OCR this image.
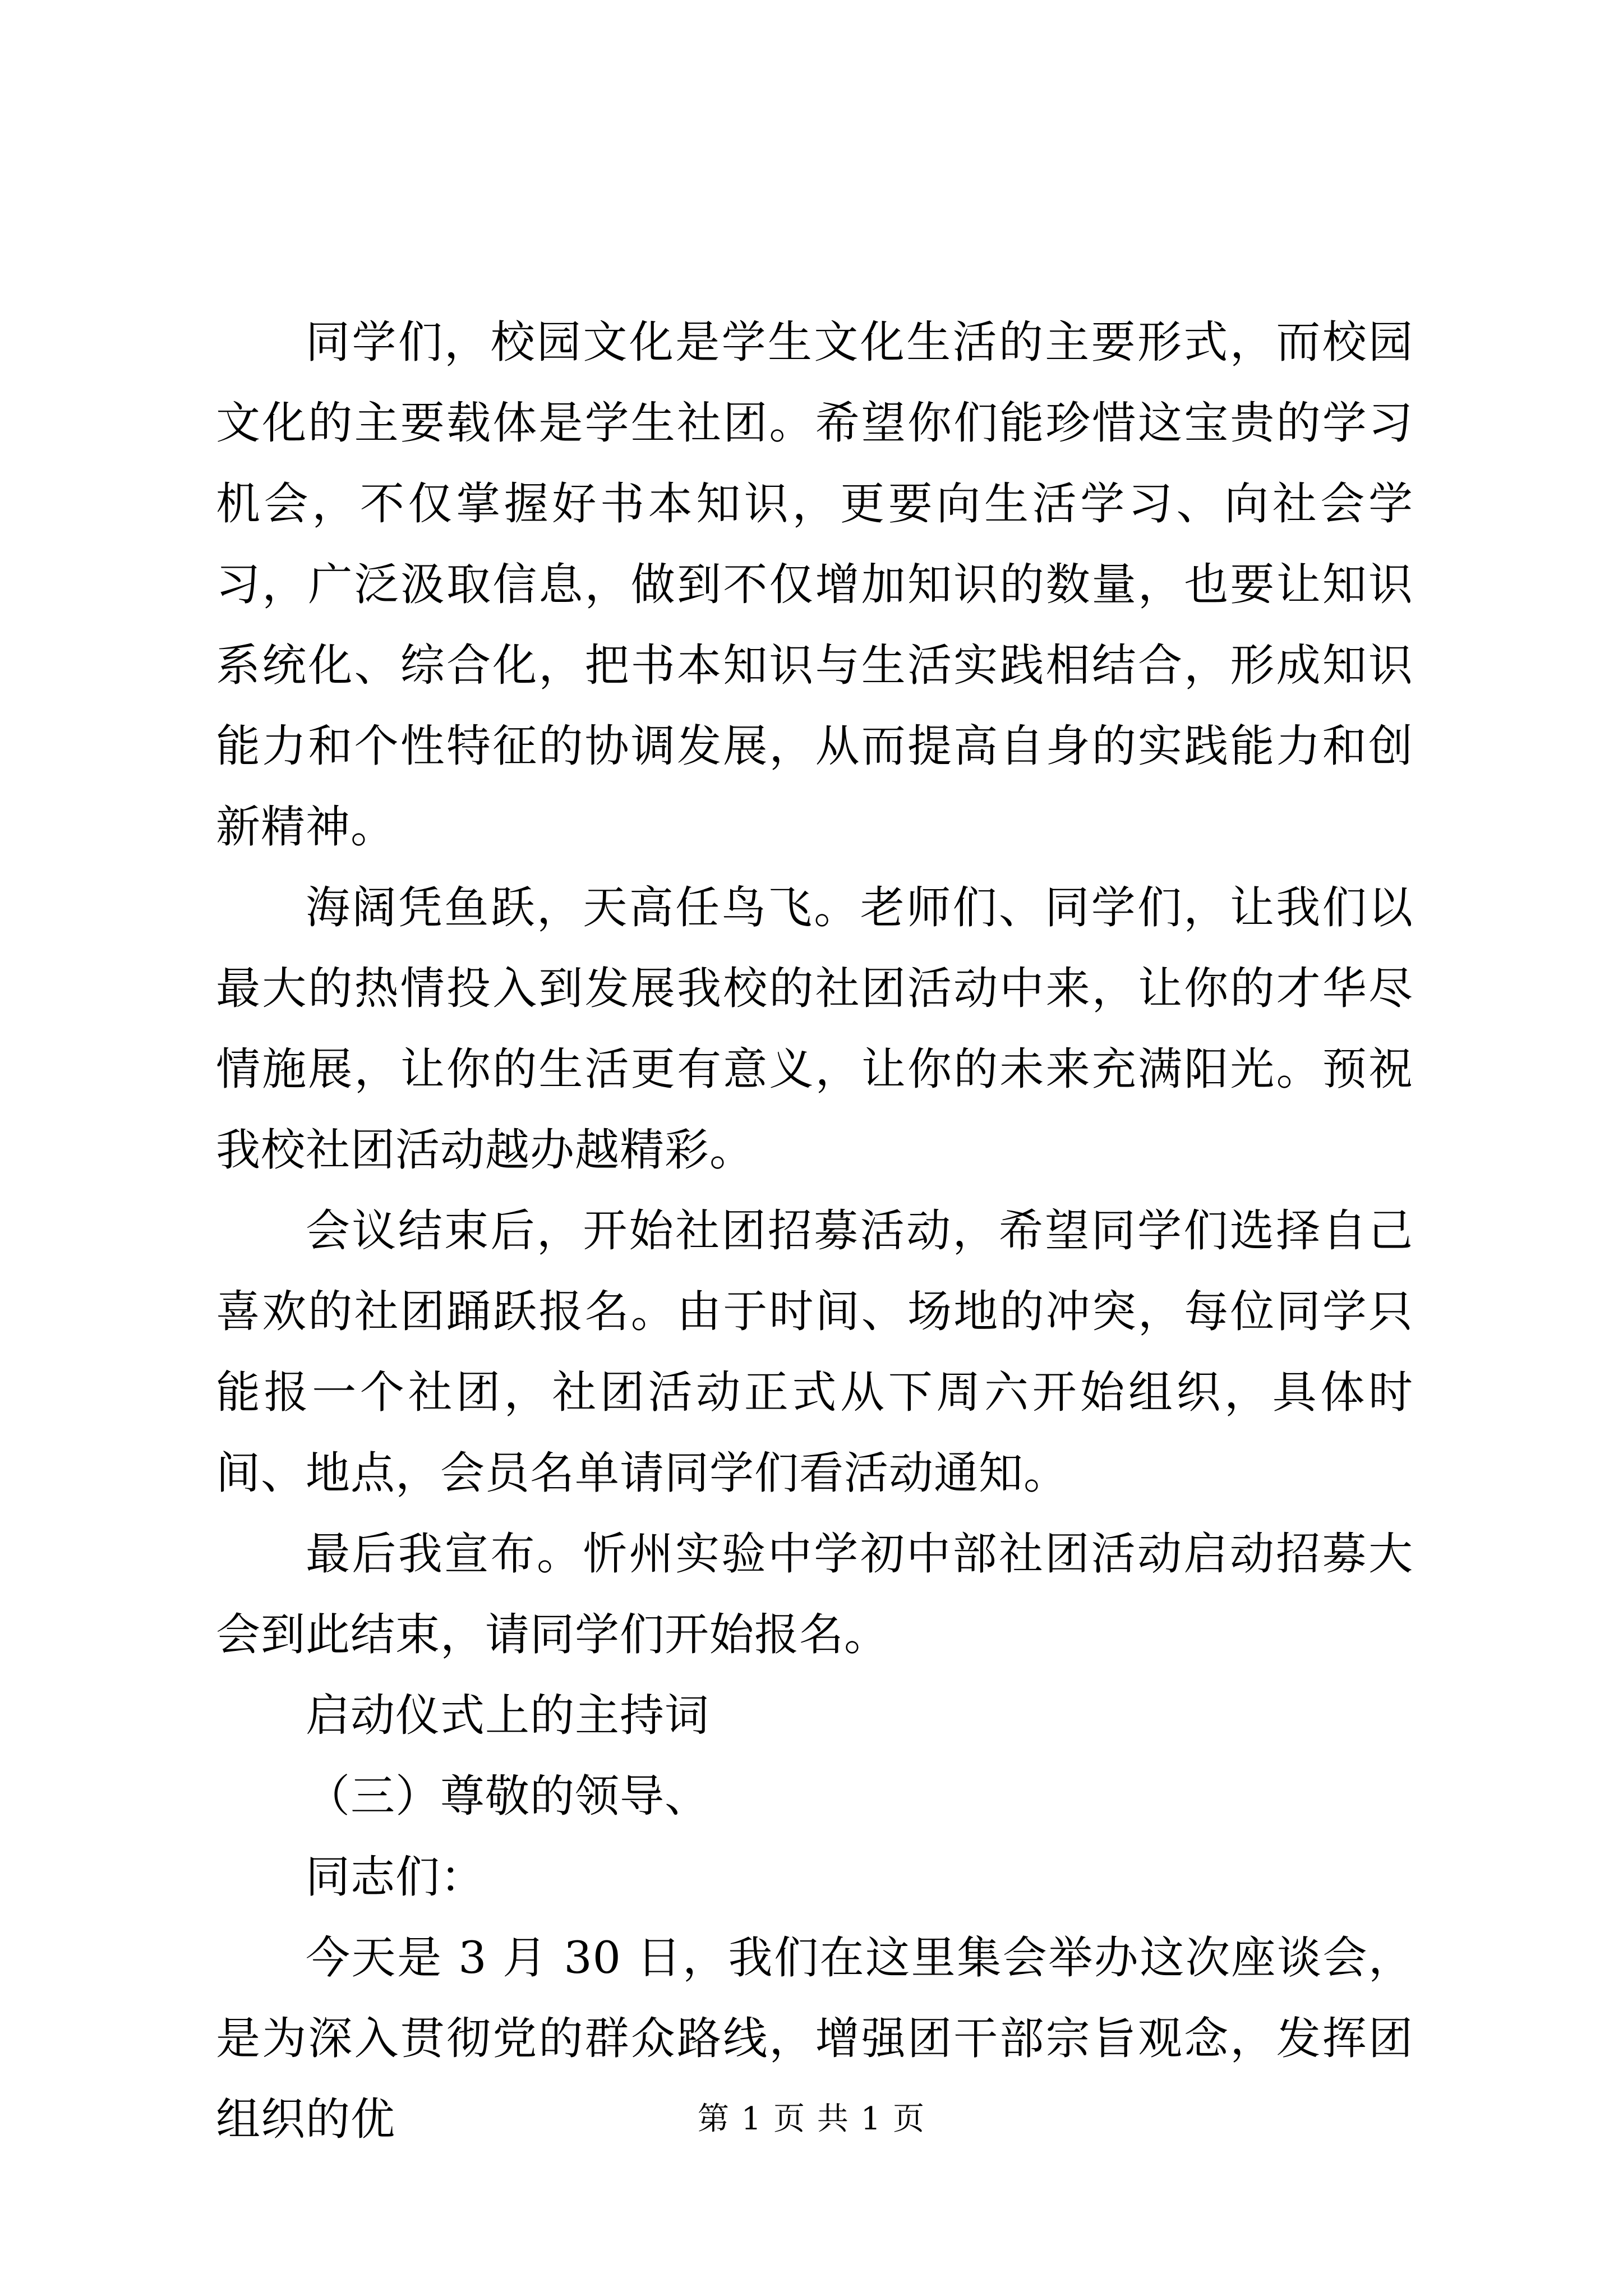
同学们，校园文化是学生文化生活的主要形式，而校园文化的主要载体是学生社团。希望你们能珍惜这宝贵的学习机会，不仅掌握好书本知识，更要向生活学习、向社会学习，广泛汲取信息，做到不仅增加知识的数量，也要让知识系统化、综合化，把书本知识与生活实践相结合，形成知识能力和个性特征的协调发展，从而提高自身的实践能力和创新精神。

海阔凭鱼跃，天高任鸟飞。老师们、同学们，让我们以最大的热情投入到发展我校的社团活动中来，让你的才华尽情施展，让你的生活更有意义，让你的未来充满阳光。预祝我校社团活动越办越精彩。

会议结束后，开始社团招募活动，希望同学们选择自己喜欢的社团踊跃报名。由于时间、场地的冲突，每位同学只能报一个社团，社团活动正式从下周六开始组织，具体时间、地点，会员名单请同学们看活动通知。

最后我宣布。忻州实验中学初中部社团活动启动招募大会到此结束，请同学们开始报名。

启动仪式上的主持词

（三）尊敬的领导、

同志们：

今天是 3 月 30 日，我们在这里集会举办这次座谈会，是为深入贯彻党的群众路线，增强团干部宗旨观念，发挥团组织的优	第 1 页 共 1 页
